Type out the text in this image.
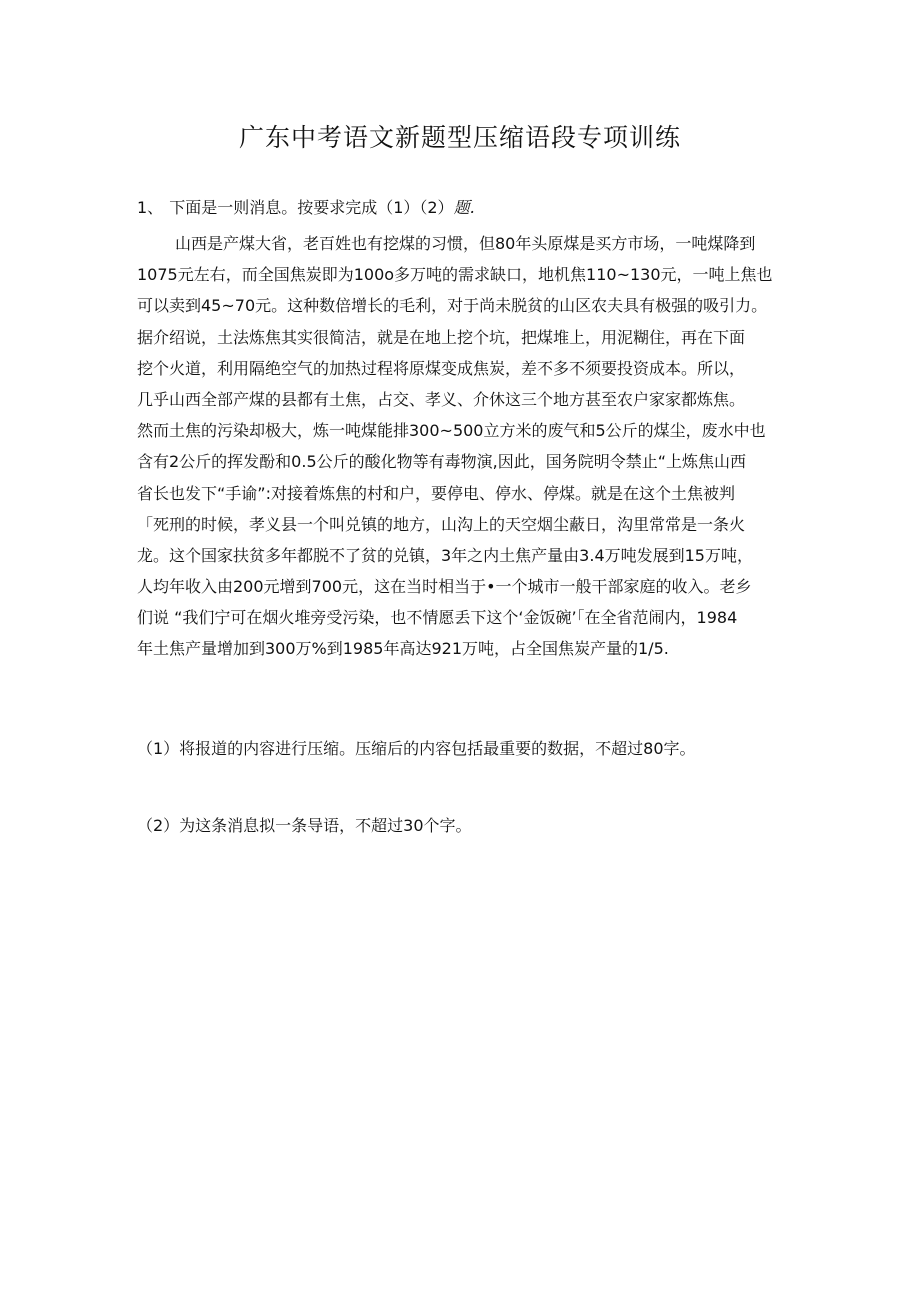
广东中考语文新题型压缩语段专项训练
1、 下面是一则消息。按要求完成（1）（2）题.
山西是产煤大省，老百姓也有挖煤的习惯，但80年头原煤是买方市场，一吨煤降到
1075元左右，而全国焦炭即为100o多万吨的需求缺口，地机焦110~130元，一吨上焦也
可以卖到45~70元。这种数倍增长的毛利，对于尚未脱贫的山区农夫具有极强的吸引力。
据介绍说，土法炼焦其实很简洁，就是在地上挖个坑，把煤堆上，用泥糊住，再在下面
挖个火道，利用隔绝空气的加热过程将原煤变成焦炭，差不多不须要投资成本。所以，
几乎山西全部产煤的县都有土焦，占交、孝义、介休这三个地方甚至农户家家都炼焦。
然而土焦的污染却极大，炼一吨煤能排300~500立方米的废气和5公斤的煤尘，废水中也
含有2公斤的挥发酚和0.5公斤的酸化物等有毒物演,因此，国务院明令禁止“上炼焦山西
省长也发下“手谕”:对接着炼焦的村和户，要停电、停水、停煤。就是在这个土焦被判
「死刑的时候，孝义县一个叫兑镇的地方，山沟上的天空烟尘蔽日，沟里常常是一条火
龙。这个国家扶贫多年都脱不了贫的兑镇，3年之内土焦产量由3.4万吨发展到15万吨，
人均年收入由200元增到700元，这在当时相当于•一个城市一般干部家庭的收入。老乡
们说 “我们宁可在烟火堆旁受污染，也不情愿丢下这个‘金饭碗’「在全省范闹内，1984
年土焦产量增加到300万%到1985年高达921万吨，占全国焦炭产量的1/5.
（1）将报道的内容进行压缩。压缩后的内容包括最重要的数据，不超过80字。
（2）为这条消息拟一条导语，不超过30个字。
